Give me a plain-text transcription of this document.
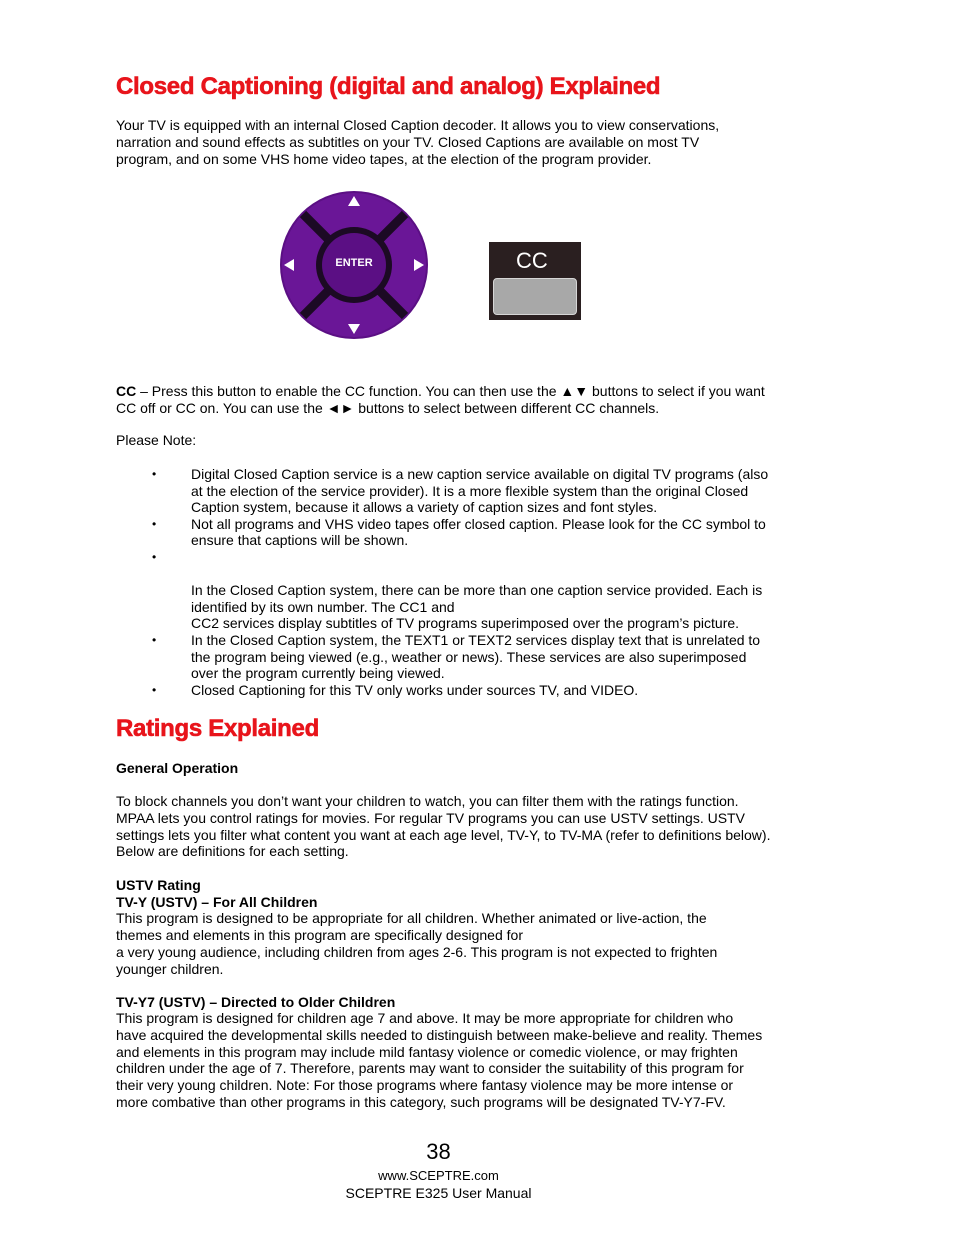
Closed Captioning (digital and analog) Explained

Your TV is equipped with an internal Closed Caption decoder. It allows you to view conservations, narration and sound effects as subtitles on your TV. Closed Captions are available on most TV program, and on some VHS home video tapes, at the election of the program provider.

ENTER	CC

CC – Press this button to enable the CC function. You can then use the ▲▼ buttons to select if you want CC off or CC on. You can use the ◄► buttons to select between different CC channels.

Please Note:

• Digital Closed Caption service is a new caption service available on digital TV programs (also at the election of the service provider). It is a more flexible system than the original Closed Caption system, because it allows a variety of caption sizes and font styles.
• Not all programs and VHS video tapes offer closed caption. Please look for the CC symbol to ensure that captions will be shown.

•

In the Closed Caption system, there can be more than one caption service provided. Each is identified by its own number. The CC1 and
CC2 services display subtitles of TV programs superimposed over the program’s picture.

• In the Closed Caption system, the TEXT1 or TEXT2 services display text that is unrelated to the program being viewed (e.g., weather or news). These services are also superimposed over the program currently being viewed.
• Closed Captioning for this TV only works under sources TV, and VIDEO.
Ratings Explained

General Operation

To block channels you don’t want your children to watch, you can filter them with the ratings function. MPAA lets you control ratings for movies. For regular TV programs you can use USTV settings. USTV settings lets you filter what content you want at each age level, TV-Y, to TV-MA (refer to definitions below). Below are definitions for each setting.

USTV Rating

TV-Y (USTV) – For All Children

This program is designed to be appropriate for all children. Whether animated or live-action, the themes and elements in this program are specifically designed for

a very young audience, including children from ages 2-6. This program is not expected to frighten younger children.

TV-Y7 (USTV) – Directed to Older Children

This program is designed for children age 7 and above. It may be more appropriate for children who have acquired the developmental skills needed to distinguish between make-believe and reality. Themes and elements in this program may include mild fantasy violence or comedic violence, or may frighten children under the age of 7. Therefore, parents may want to consider the suitability of this program for their very young children. Note: For those programs where fantasy violence may be more intense or more combative than other programs in this category, such programs will be designated TV-Y7-FV.

38
www.SCEPTRE.com
SCEPTRE E325 User Manual
